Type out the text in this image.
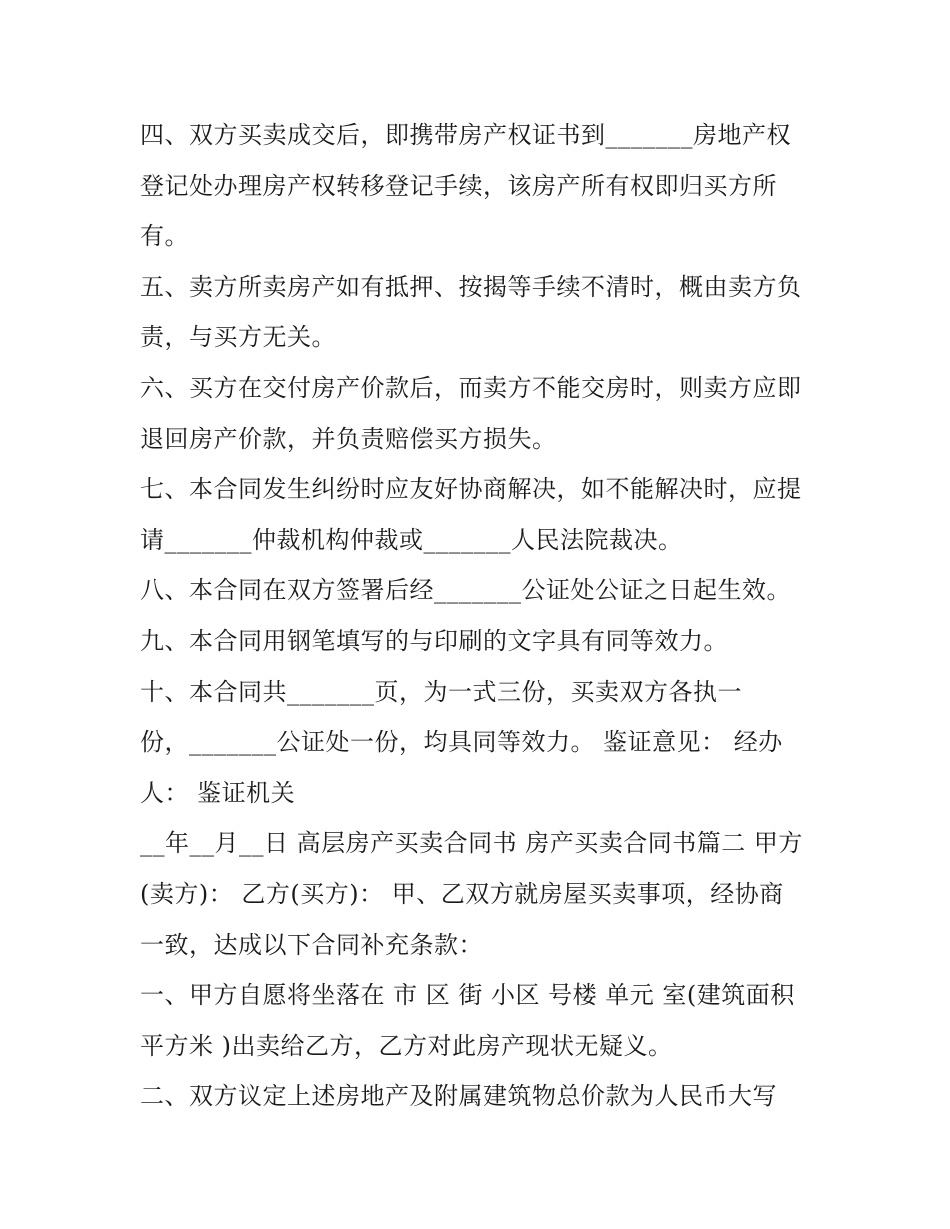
四、双方买卖成交后，即携带房产权证书到_______房地产权
登记处办理房产权转移登记手续，该房产所有权即归买方所
有。
五、卖方所卖房产如有抵押、按揭等手续不清时，概由卖方负
责，与买方无关。
六、买方在交付房产价款后，而卖方不能交房时，则卖方应即
退回房产价款，并负责赔偿买方损失。
七、本合同发生纠纷时应友好协商解决，如不能解决时，应提
请_______仲裁机构仲裁或_______人民法院裁决。
八、本合同在双方签署后经_______公证处公证之日起生效。
九、本合同用钢笔填写的与印刷的文字具有同等效力。
十、本合同共_______页，为一式三份，买卖双方各执一
份，_______公证处一份，均具同等效力。 鉴证意见： 经办
人： 鉴证机关
__年__月__日 高层房产买卖合同书 房产买卖合同书篇二 甲方
(卖方)： 乙方(买方)： 甲、乙双方就房屋买卖事项，经协商
一致，达成以下合同补充条款：
一、甲方自愿将坐落在 市 区 街 小区 号楼 单元 室(建筑面积
平方米 )出卖给乙方，乙方对此房产现状无疑义。
二、双方议定上述房地产及附属建筑物总价款为人民币大写
